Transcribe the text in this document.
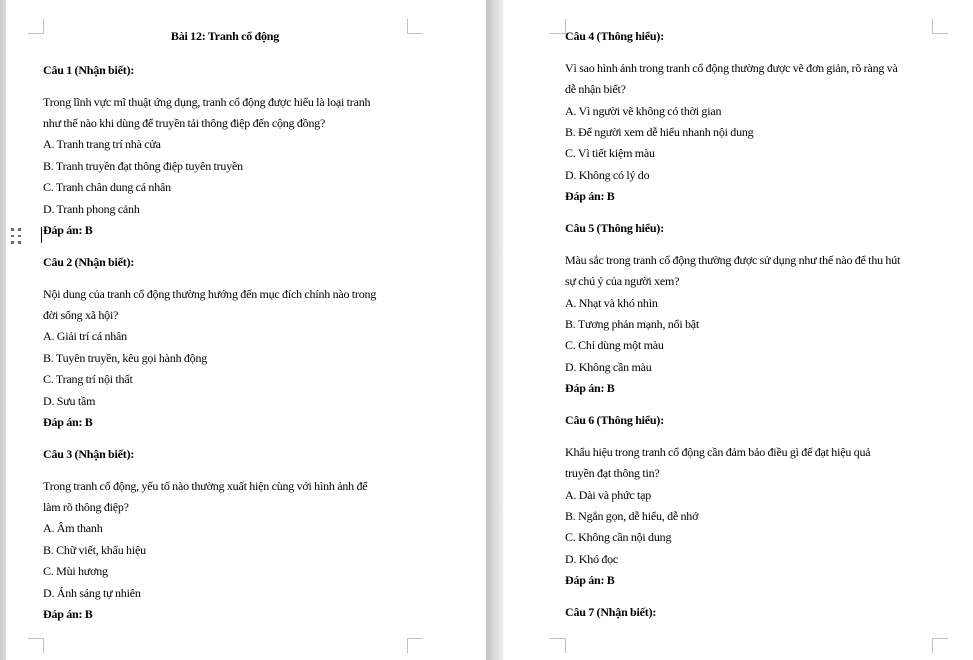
Bài 12: Tranh cổ động
Câu 1 (Nhận biết):
Trong lĩnh vực mĩ thuật ứng dụng, tranh cổ động được hiểu là loại tranh
như thế nào khi dùng để truyền tải thông điệp đến cộng đồng?
A. Tranh trang trí nhà cửa
B. Tranh truyền đạt thông điệp tuyên truyền
C. Tranh chân dung cá nhân
D. Tranh phong cảnh
Đáp án: B
Câu 2 (Nhận biết):
Nội dung của tranh cổ động thường hướng đến mục đích chính nào trong
đời sống xã hội?
A. Giải trí cá nhân
B. Tuyên truyền, kêu gọi hành động
C. Trang trí nội thất
D. Sưu tầm
Đáp án: B
Câu 3 (Nhận biết):
Trong tranh cổ động, yếu tố nào thường xuất hiện cùng với hình ảnh để
làm rõ thông điệp?
A. Âm thanh
B. Chữ viết, khẩu hiệu
C. Mùi hương
D. Ánh sáng tự nhiên
Đáp án: B
Câu 4 (Thông hiểu):
Vì sao hình ảnh trong tranh cổ động thường được vẽ đơn giản, rõ ràng và
dễ nhận biết?
A. Vì người vẽ không có thời gian
B. Để người xem dễ hiểu nhanh nội dung
C. Vì tiết kiệm màu
D. Không có lý do
Đáp án: B
Câu 5 (Thông hiểu):
Màu sắc trong tranh cổ động thường được sử dụng như thế nào để thu hút
sự chú ý của người xem?
A. Nhạt và khó nhìn
B. Tương phản mạnh, nổi bật
C. Chỉ dùng một màu
D. Không cần màu
Đáp án: B
Câu 6 (Thông hiểu):
Khẩu hiệu trong tranh cổ động cần đảm bảo điều gì để đạt hiệu quả
truyền đạt thông tin?
A. Dài và phức tạp
B. Ngắn gọn, dễ hiểu, dễ nhớ
C. Không cần nội dung
D. Khó đọc
Đáp án: B
Câu 7 (Nhận biết):
